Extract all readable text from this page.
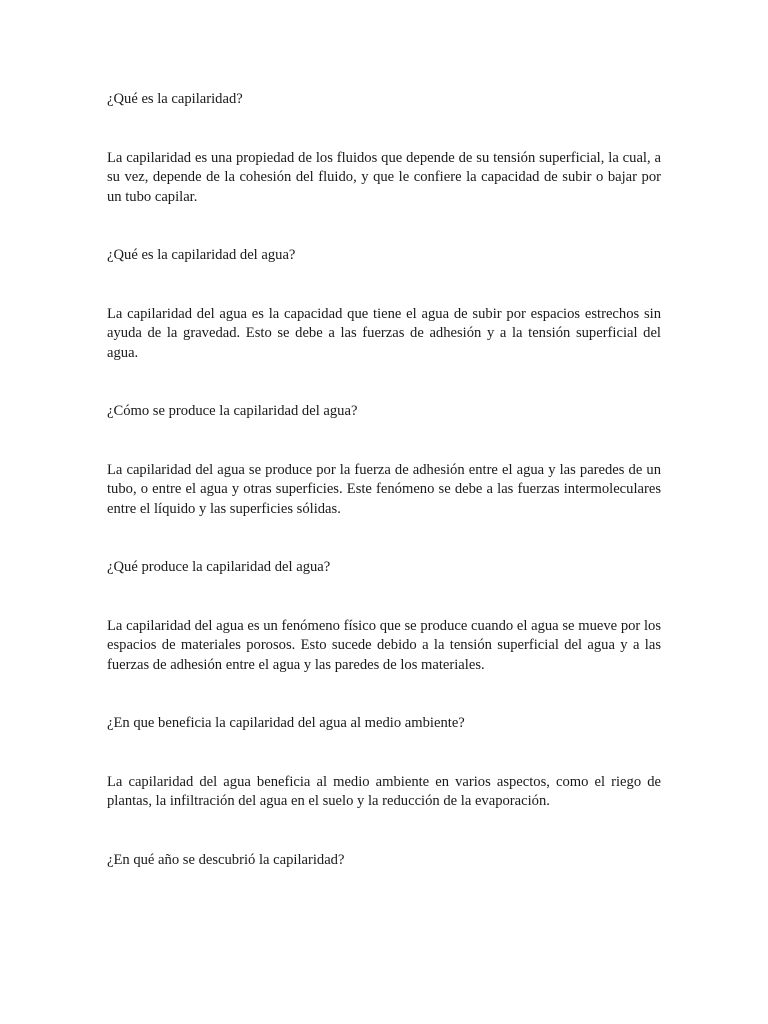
¿Qué es la capilaridad?

La capilaridad es una propiedad de los fluidos que depende de su tensión superficial, la cual, a su vez, depende de la cohesión del fluido, y que le confiere la capacidad de subir o bajar por un tubo capilar.

¿Qué es la capilaridad del agua?

La capilaridad del agua es la capacidad que tiene el agua de subir por espacios estrechos sin ayuda de la gravedad. Esto se debe a las fuerzas de adhesión y a la tensión superficial del agua.

¿Cómo se produce la capilaridad del agua?

La capilaridad del agua se produce por la fuerza de adhesión entre el agua y las paredes de un tubo, o entre el agua y otras superficies. Este fenómeno se debe a las fuerzas intermoleculares entre el líquido y las superficies sólidas.

¿Qué produce la capilaridad del agua?

La capilaridad del agua es un fenómeno físico que se produce cuando el agua se mueve por los espacios de materiales porosos. Esto sucede debido a la tensión superficial del agua y a las fuerzas de adhesión entre el agua y las paredes de los materiales.

¿En que beneficia la capilaridad del agua al medio ambiente?

La capilaridad del agua beneficia al medio ambiente en varios aspectos, como el riego de plantas, la infiltración del agua en el suelo y la reducción de la evaporación.

¿En qué año se descubrió la capilaridad?
